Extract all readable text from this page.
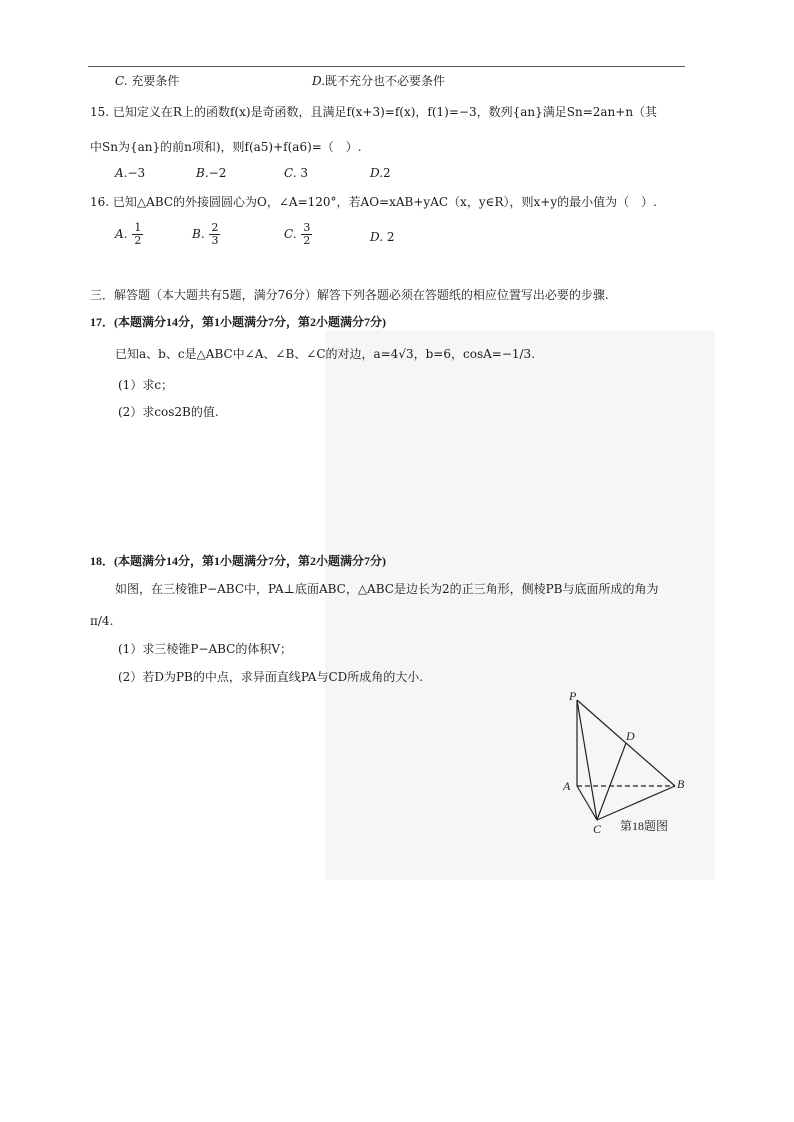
C. 充要条件	D.既不充分也不必要条件
15. 已知定义在R上的函数f(x)是奇函数，且满足f(x+3)=f(x)，f(1)=−3，数列{an}满足Sn=2an+n（其
中Sn为{an}的前n项和)，则f(a5)+f(a6)=（　）.
A.−3	B.−2	C. 3	D.2
16. 已知△ABC的外接圆圆心为O，∠A=120°，若AO=xAB+yAC（x，y∈R），则x+y的最小值为（　）.
A. $\frac{1}{2}$	B. $\frac{2}{3}$	C. $\frac{3}{2}$	D. 2
三．解答题（本大题共有5题，满分76分）解答下列各题必须在答题纸的相应位置写出必要的步骤.
17．(本题满分14分，第1小题满分7分，第2小题满分7分)
已知a、b、c是△ABC中∠A、∠B、∠C的对边，a=4√3，b=6，cosA=−1/3.
(1）求c；
(2）求cos2B的值.
18．(本题满分14分，第1小题满分7分，第2小题满分7分)
如图，在三棱锥P−ABC中，PA⊥底面ABC，△ABC是边长为2的正三角形，侧棱PB与底面所成的角为
π/4.
(1）求三棱锥P−ABC的体积V；
(2）若D为PB的中点，求异面直线PA与CD所成角的大小.
P
D
A	B
C 第18题图
